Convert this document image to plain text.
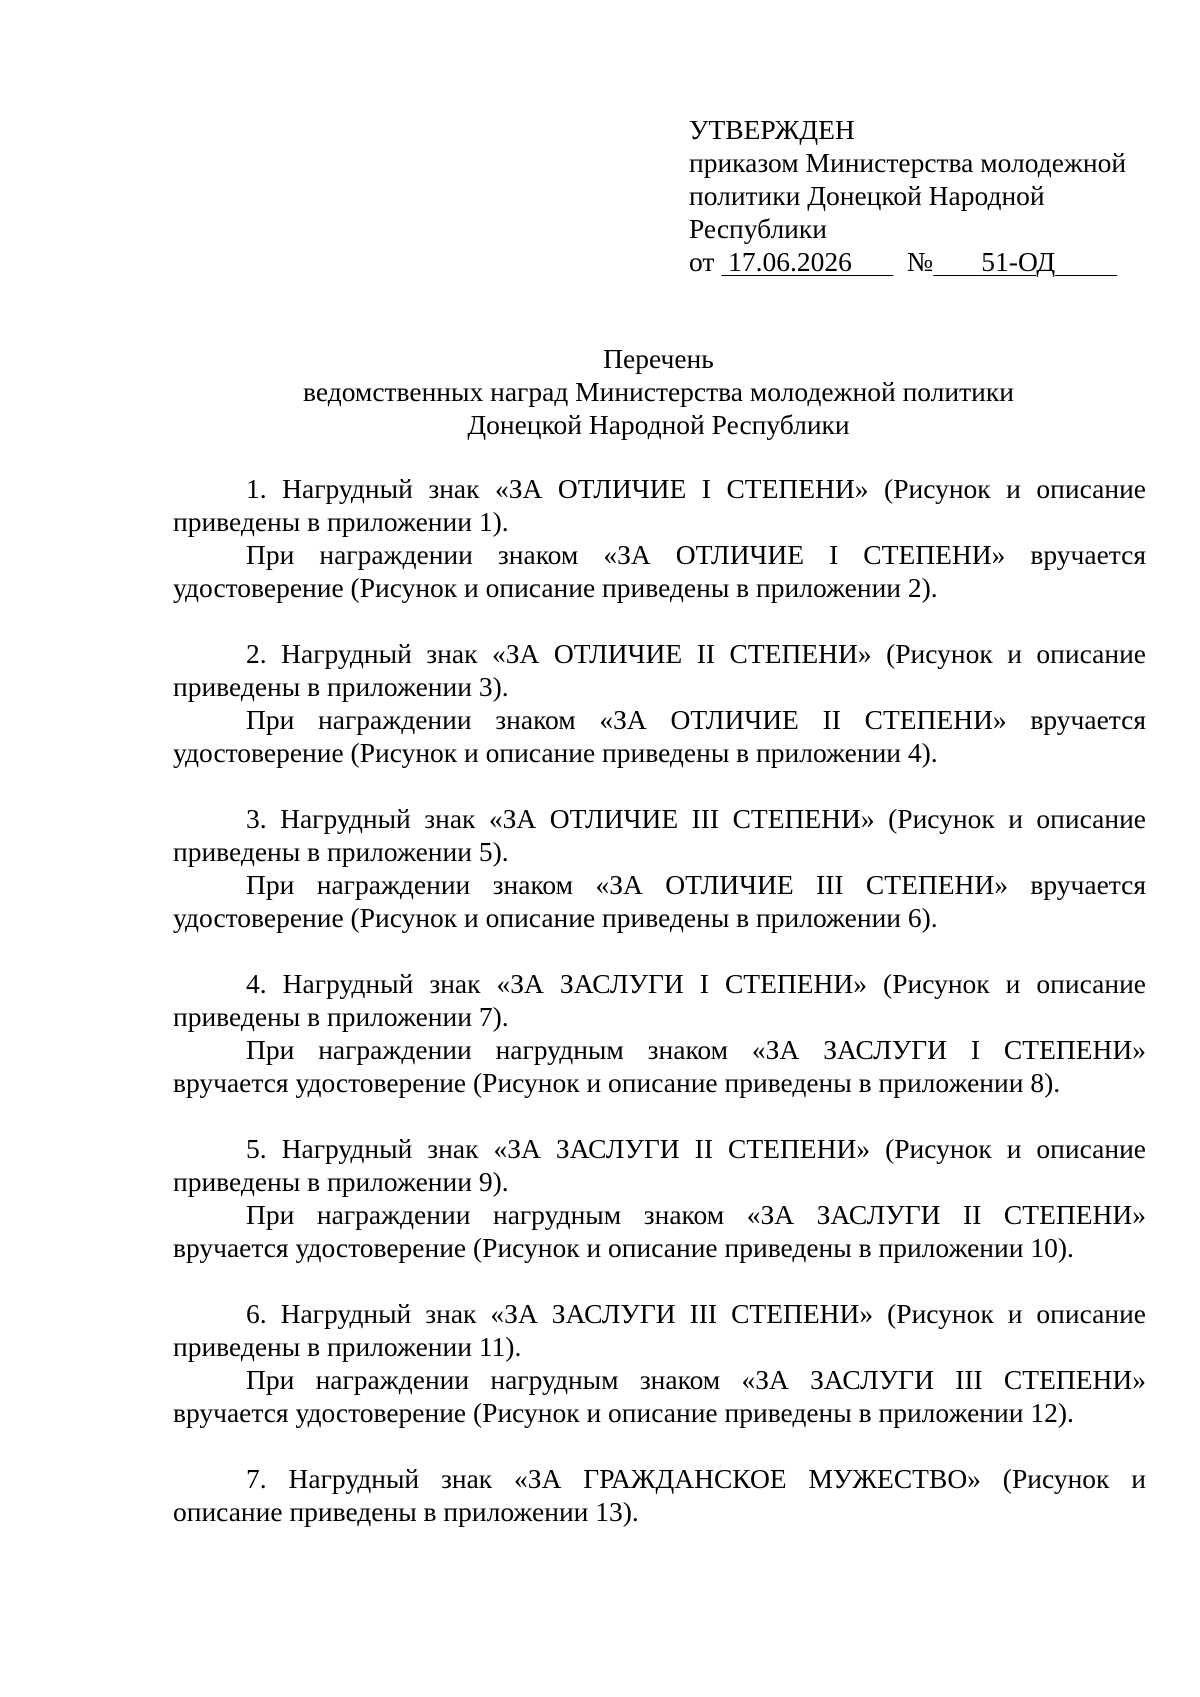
УТВЕРЖДЕН
приказом Министерства молодежной
политики Донецкой Народной
Республики
от 17.06.2026 № 51-ОД
Перечень
ведомственных наград Министерства молодежной политики
Донецкой Народной Республики

1. Нагрудный знак «ЗА ОТЛИЧИЕ I СТЕПЕНИ» (Рисунок и описание приведены в приложении 1).

При награждении знаком «ЗА ОТЛИЧИЕ I СТЕПЕНИ» вручается удостоверение (Рисунок и описание приведены в приложении 2).

2. Нагрудный знак «ЗА ОТЛИЧИЕ II СТЕПЕНИ» (Рисунок и описание приведены в приложении 3).

При награждении знаком «ЗА ОТЛИЧИЕ II СТЕПЕНИ» вручается удостоверение (Рисунок и описание приведены в приложении 4).

3. Нагрудный знак «ЗА ОТЛИЧИЕ III СТЕПЕНИ» (Рисунок и описание приведены в приложении 5).

При награждении знаком «ЗА ОТЛИЧИЕ III СТЕПЕНИ» вручается удостоверение (Рисунок и описание приведены в приложении 6).

4. Нагрудный знак «ЗА ЗАСЛУГИ I СТЕПЕНИ» (Рисунок и описание приведены в приложении 7).

При награждении нагрудным знаком «ЗА ЗАСЛУГИ I СТЕПЕНИ» вручается удостоверение (Рисунок и описание приведены в приложении 8).

5. Нагрудный знак «ЗА ЗАСЛУГИ II СТЕПЕНИ» (Рисунок и описание приведены в приложении 9).

При награждении нагрудным знаком «ЗА ЗАСЛУГИ II СТЕПЕНИ» вручается удостоверение (Рисунок и описание приведены в приложении 10).

6. Нагрудный знак «ЗА ЗАСЛУГИ III СТЕПЕНИ» (Рисунок и описание приведены в приложении 11).

При награждении нагрудным знаком «ЗА ЗАСЛУГИ III СТЕПЕНИ» вручается удостоверение (Рисунок и описание приведены в приложении 12).

7. Нагрудный знак «ЗА ГРАЖДАНСКОЕ МУЖЕСТВО» (Рисунок и описание приведены в приложении 13).
